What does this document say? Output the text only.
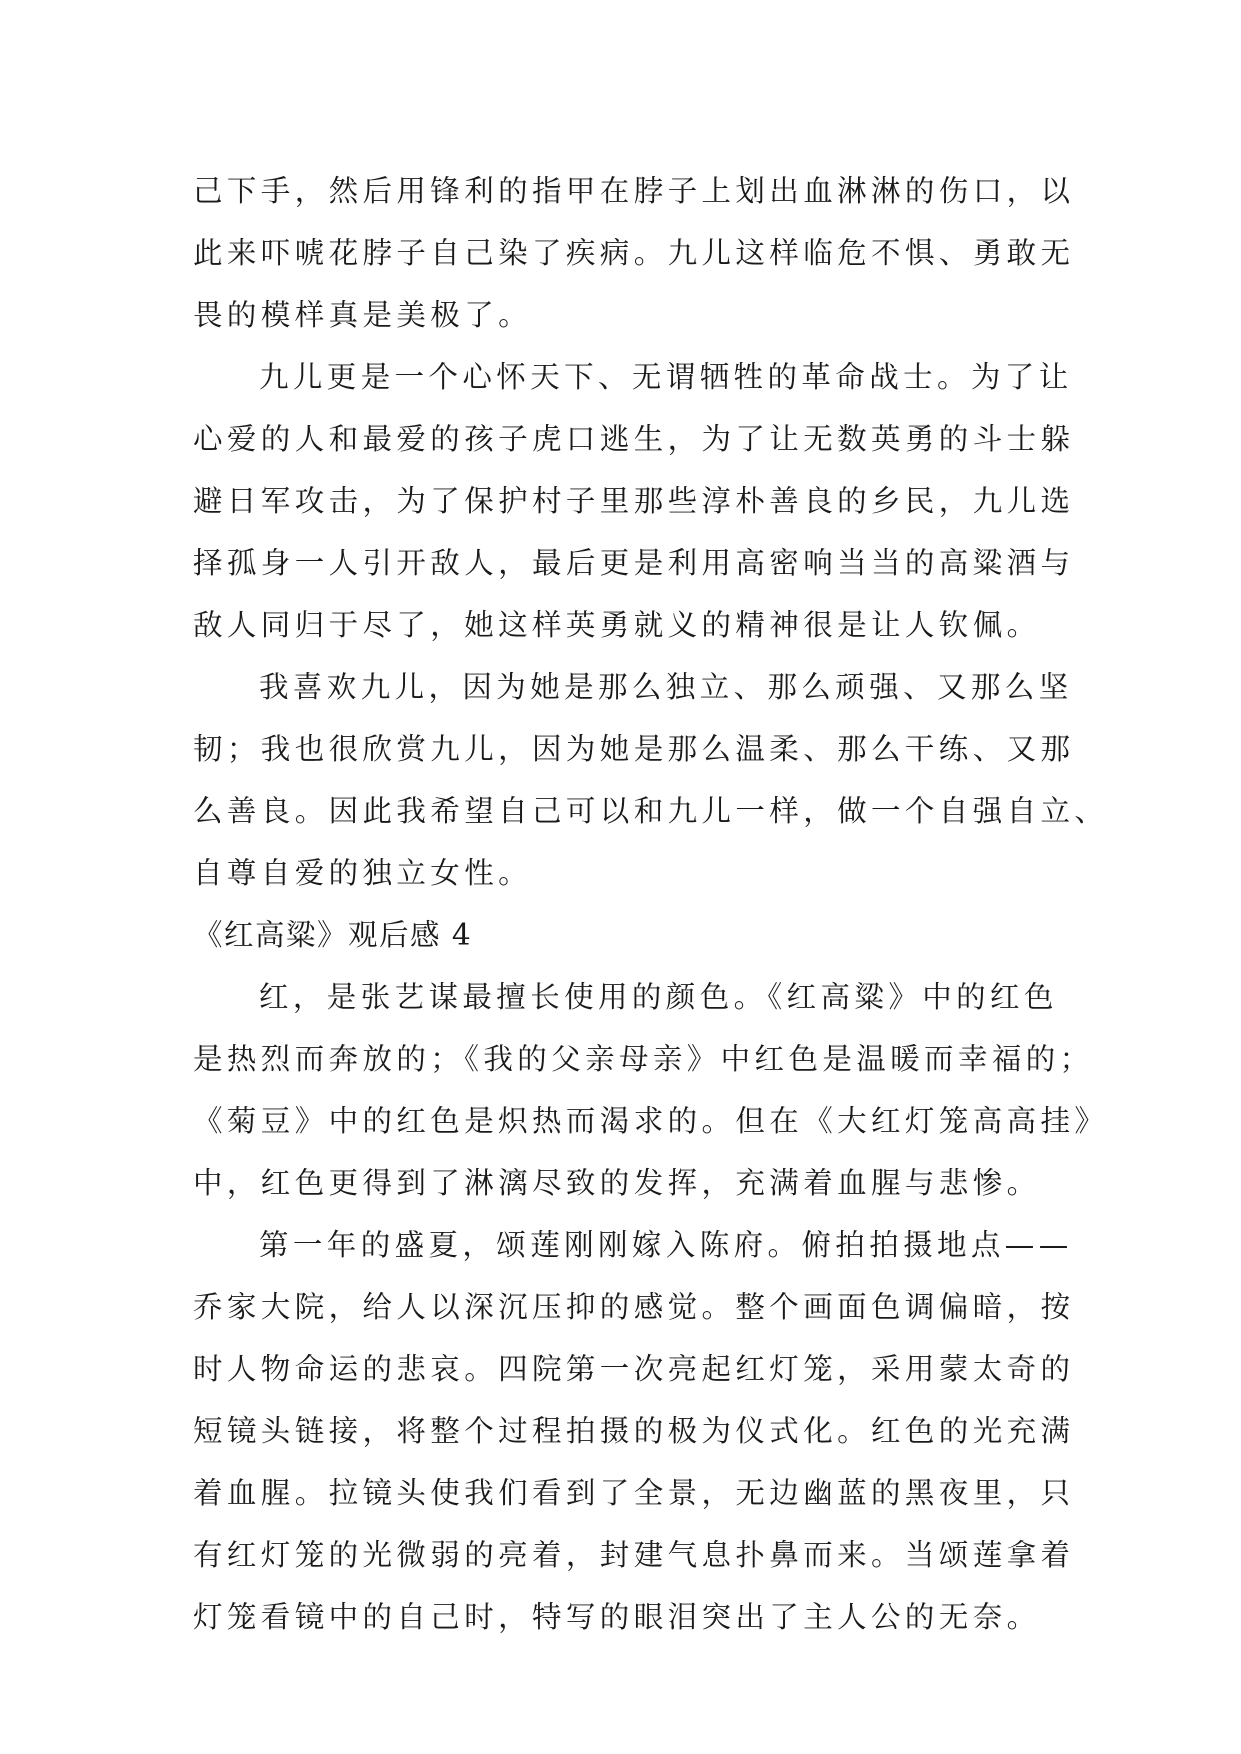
己下手，然后用锋利的指甲在脖子上划出血淋淋的伤口，以
此来吓唬花脖子自己染了疾病。九儿这样临危不惧、勇敢无
畏的模样真是美极了。
九儿更是一个心怀天下、无谓牺牲的革命战士。为了让
心爱的人和最爱的孩子虎口逃生，为了让无数英勇的斗士躲
避日军攻击，为了保护村子里那些淳朴善良的乡民，九儿选
择孤身一人引开敌人，最后更是利用高密响当当的高粱酒与
敌人同归于尽了，她这样英勇就义的精神很是让人钦佩。
我喜欢九儿，因为她是那么独立、那么顽强、又那么坚
韧；我也很欣赏九儿，因为她是那么温柔、那么干练、又那
么善良。因此我希望自己可以和九儿一样，做一个自强自立、
自尊自爱的独立女性。
《红高粱》观后感 4
红，是张艺谋最擅长使用的颜色。《红高粱》中的红色
是热烈而奔放的；《我的父亲母亲》中红色是温暖而幸福的；
《菊豆》中的红色是炽热而渴求的。但在《大红灯笼高高挂》
中，红色更得到了淋漓尽致的发挥，充满着血腥与悲惨。
第一年的盛夏，颂莲刚刚嫁入陈府。俯拍拍摄地点——
乔家大院，给人以深沉压抑的感觉。整个画面色调偏暗，按
时人物命运的悲哀。四院第一次亮起红灯笼，采用蒙太奇的
短镜头链接，将整个过程拍摄的极为仪式化。红色的光充满
着血腥。拉镜头使我们看到了全景，无边幽蓝的黑夜里，只
有红灯笼的光微弱的亮着，封建气息扑鼻而来。当颂莲拿着
灯笼看镜中的自己时，特写的眼泪突出了主人公的无奈。
